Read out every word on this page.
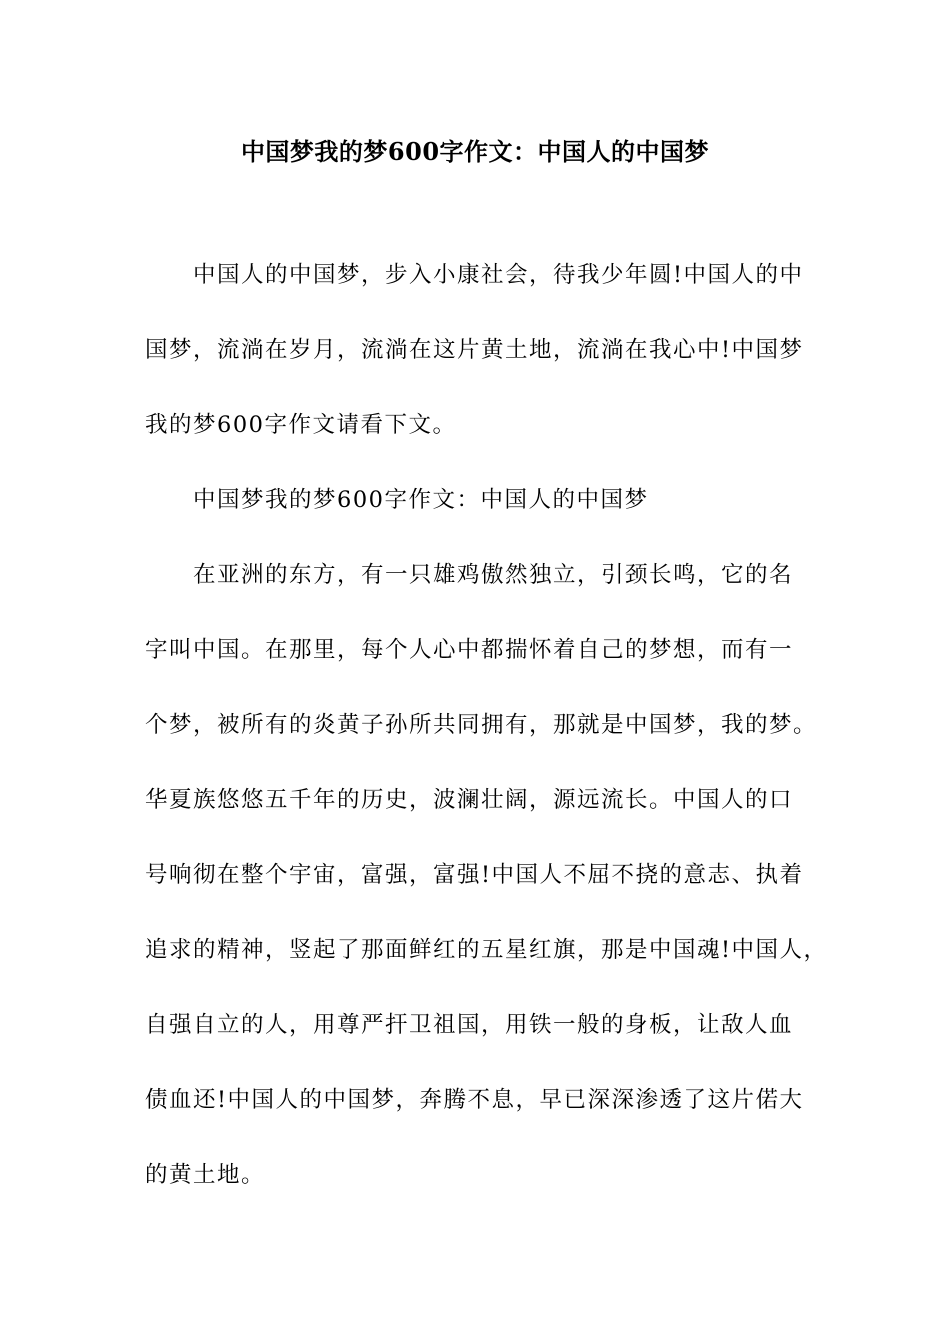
中国梦我的梦600字作文：中国人的中国梦
中国人的中国梦，步入小康社会，待我少年圆!中国人的中
国梦，流淌在岁月，流淌在这片黄土地，流淌在我心中!中国梦
我的梦600字作文请看下文。
中国梦我的梦600字作文：中国人的中国梦
在亚洲的东方，有一只雄鸡傲然独立，引颈长鸣，它的名
字叫中国。在那里，每个人心中都揣怀着自己的梦想，而有一
个梦，被所有的炎黄子孙所共同拥有，那就是中国梦，我的梦。
华夏族悠悠五千年的历史，波澜壮阔，源远流长。中国人的口
号响彻在整个宇宙，富强，富强!中国人不屈不挠的意志、执着
追求的精神，竖起了那面鲜红的五星红旗，那是中国魂!中国人，
自强自立的人，用尊严扞卫祖国，用铁一般的身板，让敌人血
债血还!中国人的中国梦，奔腾不息，早已深深渗透了这片偌大
的黄土地。
